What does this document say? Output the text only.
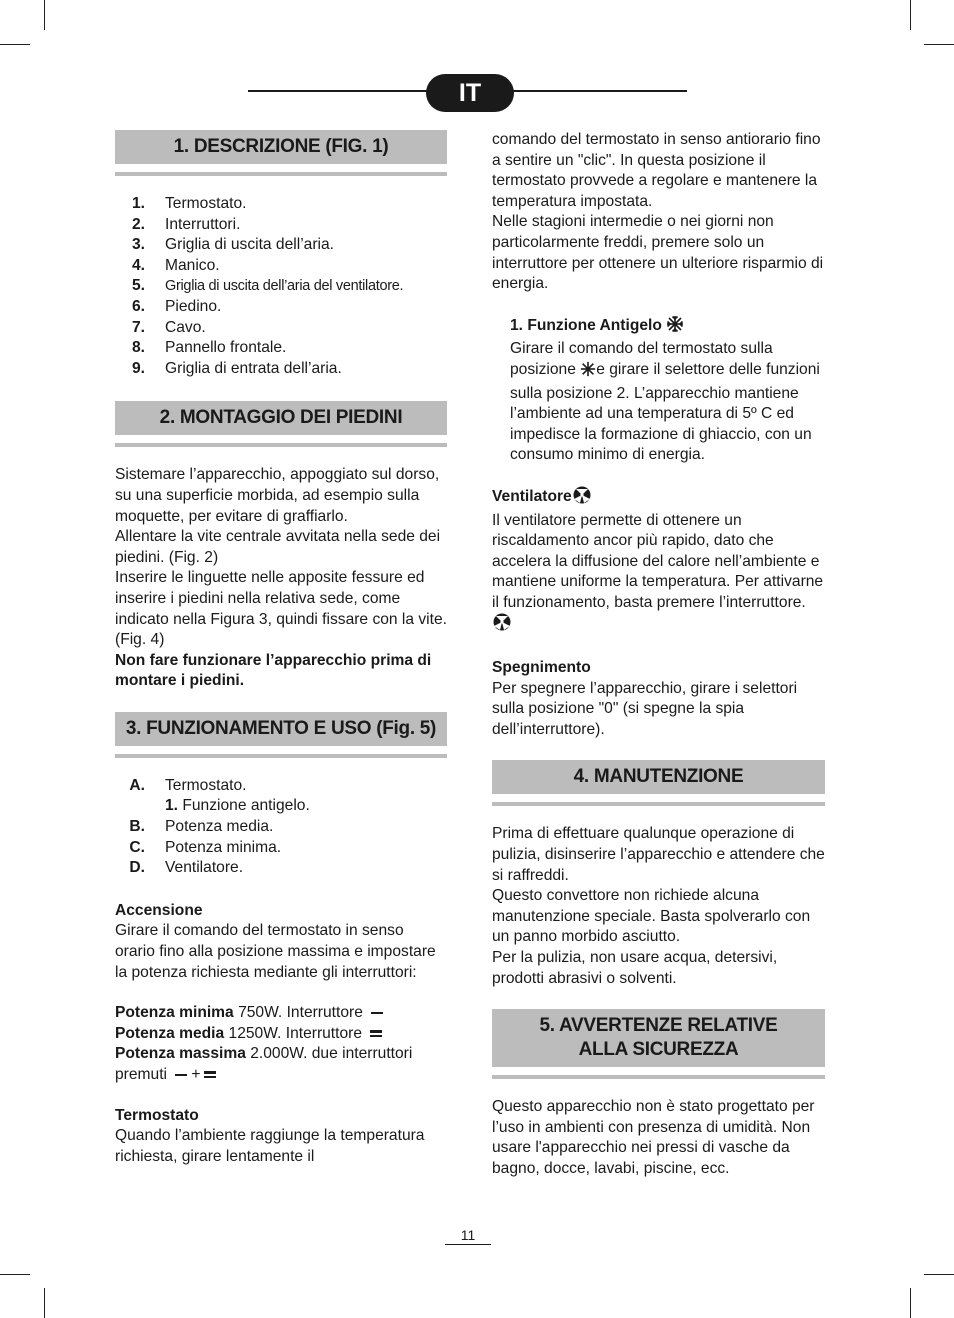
IT
1. DESCRIZIONE (FIG. 1)
1. Termostato.
2. Interruttori.
3. Griglia di uscita dell’aria.
4. Manico.
5. Griglia di uscita dell’aria del ventilatore.
6. Piedino.
7. Cavo.
8. Pannello frontale.
9. Griglia di entrata dell’aria.
2. MONTAGGIO DEI PIEDINI

Sistemare l’apparecchio, appoggiato sul dorso, su una superficie morbida, ad esempio sulla moquette, per evitare di graffiarlo.

Allentare la vite centrale avvitata nella sede dei piedini. (Fig. 2)

Inserire le linguette nelle apposite fessure ed inserire i piedini nella relativa sede, come indicato nella Figura 3, quindi fissare con la vite. (Fig. 4)

Non fare funzionare l’apparecchio prima di montare i piedini.

3. FUNZIONAMENTO E USO (Fig. 5)
A. Termostato.
1. Funzione antigelo.
B. Potenza media.
C. Potenza minima.
D. Ventilatore.

Accensione

Girare il comando del termostato in senso orario fino alla posizione massima e impostare la potenza richiesta mediante gli interruttori:

Potenza minima 750W. Interruttore

Potenza media 1250W. Interruttore

Potenza massima 2.000W. due interruttori premuti +

Termostato

Quando l’ambiente raggiunge la temperatura richiesta, girare lentamente il

comando del termostato in senso antiorario fino a sentire un "clic". In questa posizione il termostato provvede a regolare e mantenere la temperatura impostata.

Nelle stagioni intermedie o nei giorni non particolarmente freddi, premere solo un interruttore per ottenere un ulteriore risparmio di energia.

1. Funzione Antigelo

Girare il comando del termostato sulla posizione e girare il selettore delle funzioni sulla posizione 2. L’apparecchio mantiene l’ambiente ad una temperatura di 5º C ed impedisce la formazione di ghiaccio, con un consumo minimo di energia.

Ventilatore

Il ventilatore permette di ottenere un riscaldamento ancor più rapido, dato che accelera la diffusione del calore nell’ambiente e mantiene uniforme la temperatura. Per attivarne il funzionamento, basta premere l’interruttore.

Spegnimento

Per spegnere l’apparecchio, girare i selettori sulla posizione "0" (si spegne la spia dell’interruttore).

4. MANUTENZIONE

Prima di effettuare qualunque operazione di pulizia, disinserire l’apparecchio e attendere che si raffreddi.

Questo convettore non richiede alcuna manutenzione speciale. Basta spolverarlo con un panno morbido asciutto.

Per la pulizia, non usare acqua, detersivi, prodotti abrasivi o solventi.

5. AVVERTENZE RELATIVE
ALLA SICUREZZA

Questo apparecchio non è stato progettato per l’uso in ambienti con presenza di umidità. Non usare l'apparecchio nei pressi di vasche da bagno, docce, lavabi, piscine, ecc.

11
